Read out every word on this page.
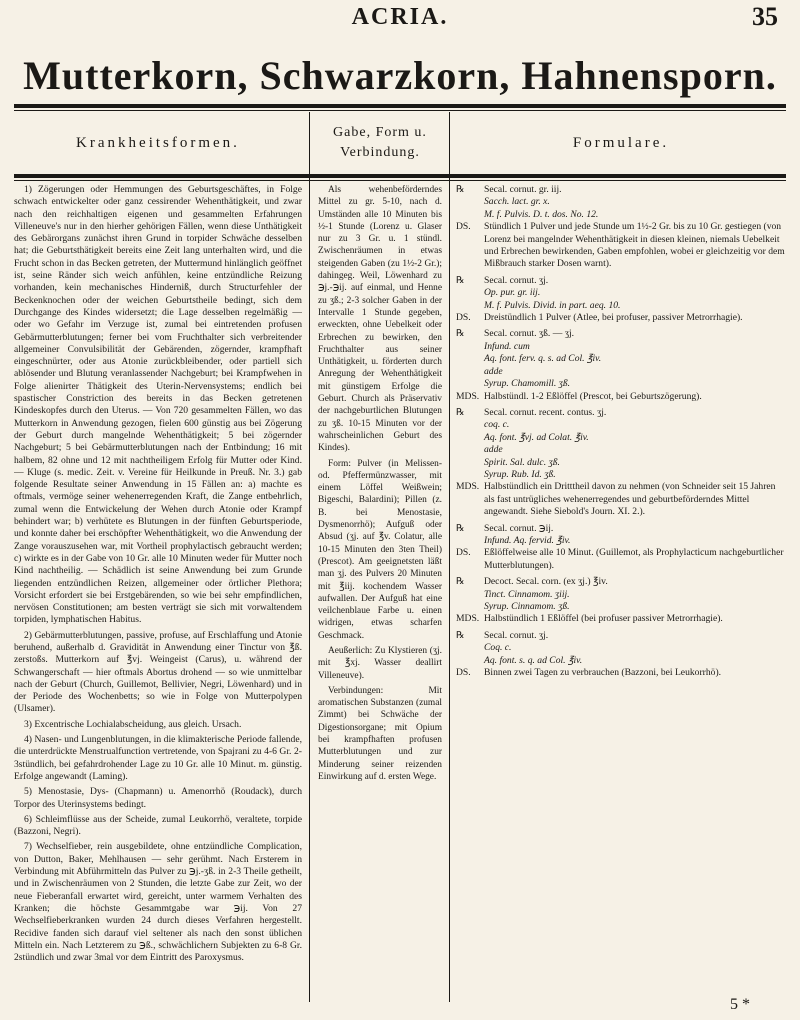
ACRIA.	35
Mutterkorn, Schwarzkorn, Hahnensporn.
Krankheitsformen.
Gabe, Form u. Verbindung.
Formulare.

1) Zögerungen oder Hemmungen des Geburtsgeschäftes, in Folge schwach entwickelter oder ganz cessirender Wehenthätigkeit, und zwar nach den reichhaltigen eigenen und gesammelten Erfahrungen Villeneuve's nur in den hierher gehörigen Fällen, wenn diese Unthätigkeit des Gebärorgans zunächst ihren Grund in torpider Schwäche desselben hat; die Geburtsthätigkeit bereits eine Zeit lang unterhalten wird, und die Frucht schon in das Becken getreten, der Muttermund hinlänglich geöffnet ist, seine Ränder sich weich anfühlen, keine entzündliche Reizung vorhanden, kein mechanisches Hinderniß, durch Structurfehler der Beckenknochen oder der weichen Geburtstheile bedingt, sich dem Durchgange des Kindes widersetzt; die Lage desselben regelmäßig — oder wo Gefahr im Verzuge ist, zumal bei eintretenden profusen Gebärmutterblutungen; ferner bei vom Fruchthalter sich verbreitender allgemeiner Convulsibilität der Gebärenden, zögernder, krampfhaft eingeschnürter, oder aus Atonie zurückbleibender, oder partiell sich ablösender und Blutung veranlassender Nachgeburt; bei Krampfwehen in Folge alienirter Thätigkeit des Uterin-Nervensystems; endlich bei spastischer Constriction des bereits in das Becken getretenen Kindeskopfes durch den Uterus. — Von 720 gesammelten Fällen, wo das Mutterkorn in Anwendung gezogen, fielen 600 günstig aus bei Zögerung der Geburt durch mangelnde Wehenthätigkeit; 5 bei zögernder Nachgeburt; 5 bei Gebärmutterblutungen nach der Entbindung; 16 mit halbem, 82 ohne und 12 mit nachtheiligem Erfolg für Mutter oder Kind. — Kluge (s. medic. Zeit. v. Vereine für Heilkunde in Preuß. Nr. 3.) gab folgende Resultate seiner Anwendung in 15 Fällen an: a) machte es oftmals, vermöge seiner wehenerregenden Kraft, die Zange entbehrlich, zumal wenn die Entwickelung der Wehen durch Atonie oder Krampf behindert war; b) verhütete es Blutungen in der fünften Geburtsperiode, und konnte daher bei erschöpfter Wehenthätigkeit, wo die Anwendung der Zange vorauszusehen war, mit Vortheil prophylactisch gebraucht werden; c) wirkte es in der Gabe von 10 Gr. alle 10 Minuten weder für Mutter noch Kind nachtheilig. — Schädlich ist seine Anwendung bei zum Grunde liegenden entzündlichen Reizen, allgemeiner oder örtlicher Plethora; Vorsicht erfordert sie bei Erstgebärenden, so wie bei sehr empfindlichen, nervösen Constitutionen; am besten verträgt sie sich mit vorwaltendem torpiden, lymphatischen Habitus.

2) Gebärmutterblutungen, passive, profuse, auf Erschlaffung und Atonie beruhend, außerhalb d. Gravidität in Anwendung einer Tinctur von ℥ß. zerstoßs. Mutterkorn auf ℥vj. Weingeist (Carus), u. während der Schwangerschaft — hier oftmals Abortus drohend — so wie unmittelbar nach der Geburt (Church, Guillemot, Bellivier, Negri, Löwenhard) und in der Periode des Wochenbetts; so wie in Folge von Mutterpolypen (Ulsamer).

3) Excentrische Lochialabscheidung, aus gleich. Ursach.

4) Nasen- und Lungenblutungen, in die klimakterische Periode fallende, die unterdrückte Menstrualfunction vertretende, von Spajrani zu 4-6 Gr. 2-3stündlich, bei gefahrdrohender Lage zu 10 Gr. alle 10 Minut. m. günstig. Erfolge angewandt (Laming).

5) Menostasie, Dys- (Chapmann) u. Amenorrhö (Roudack), durch Torpor des Uterinsystems bedingt.

6) Schleimflüsse aus der Scheide, zumal Leukorrhö, veraltete, torpide (Bazzoni, Negri).

7) Wechselfieber, rein ausgebildete, ohne entzündliche Complication, von Dutton, Baker, Mehlhausen — sehr gerühmt. Nach Ersterem in Verbindung mit Abführmitteln das Pulver zu ℈j.-ʒß. in 2-3 Theile getheilt, und in Zwischenräumen von 2 Stunden, die letzte Gabe zur Zeit, wo der neue Fieberanfall erwartet wird, gereicht, unter warmem Verhalten des Kranken; die höchste Gesammtgabe war ℈ij. Von 27 Wechselfieberkranken wurden 24 durch dieses Verfahren hergestellt. Recidive fanden sich darauf viel seltener als nach den sonst üblichen Mitteln ein. Nach Letzterem zu ℈ß., schwächlichern Subjekten zu 6-8 Gr. 2stündlich und zwar 3mal vor dem Eintritt des Paroxysmus.

Als wehenbeförderndes Mittel zu gr. 5-10, nach d. Umständen alle 10 Minuten bis ½-1 Stunde (Lorenz u. Glaser nur zu 3 Gr. u. 1 stündl. Zwischenräumen in etwas steigenden Gaben (zu 1½-2 Gr.); dahingeg. Weil, Löwenhard zu ℈j.-℈ij. auf einmal, und Henne zu ʒß.; 2-3 solcher Gaben in der Intervalle 1 Stunde gegeben, erweckten, ohne Uebelkeit oder Erbrechen zu bewirken, den Fruchthalter aus seiner Unthätigkeit, u. förderten durch Anregung der Wehenthätigkeit mit günstigem Erfolge die Geburt. Church als Präservativ der nachgeburtlichen Blutungen zu ʒß. 10-15 Minuten vor der wahrscheinlichen Geburt des Kindes).

Form: Pulver (in Melissen- od. Pfeffermünzwasser, mit einem Löffel Weißwein; Bigeschi, Balardini); Pillen (z. B. bei Menostasie, Dysmenorrhö); Aufguß oder Absud (ʒj. auf ℥v. Colatur, alle 10-15 Minuten den 3ten Theil) (Prescot). Am geeignetsten läßt man ʒj. des Pulvers 20 Minuten mit ℥iij. kochendem Wasser aufwallen. Der Aufguß hat eine veilchenblaue Farbe u. einen widrigen, etwas scharfen Geschmack.

Aeußerlich: Zu Klystieren (ʒj. mit ℥xj. Wasser deallirt Villeneuve).

Verbindungen: Mit aromatischen Substanzen (zumal Zimmt) bei Schwäche der Digestionsorgane; mit Opium bei krampfhaften profusen Mutterblutungen und zur Minderung seiner reizenden Einwirkung auf d. ersten Wege.

℞ Secal. cornut. gr. iij.
Sacch. lact. gr. x.
M. f. Pulvis. D. t. dos. No. 12.
DS. Stündlich 1 Pulver und jede Stunde um 1½-2 Gr. bis zu 10 Gr. gestiegen (von Lorenz bei mangelnder Wehenthätigkeit in diesen kleinen, niemals Uebelkeit und Erbrechen bewirkenden, Gaben empfohlen, wobei er gleichzeitig vor dem Mißbrauch starker Dosen warnt).
℞ Secal. cornut. ʒj.
Op. pur. gr. iij.
M. f. Pulvis. Divid. in part. aeq. 10.
DS. Dreistündlich 1 Pulver (Atlee, bei profuser, passiver Metrorrhagie).
℞ Secal. cornut. ʒß. — ʒj.
Infund. cum
Aq. font. ferv. q. s. ad Col. ℥iv.
adde
Syrup. Chamomill. ʒß.
MDS. Halbstündl. 1-2 Eßlöffel (Prescot, bei Geburtszögerung).
℞ Secal. cornut. recent. contus. ʒj.
coq. c.
Aq. font. ℥vj. ad Colat. ℥iv.
adde
Spirit. Sal. dulc. ʒß.
Syrup. Rub. Id. ʒß.
MDS. Halbstündlich ein Dritttheil davon zu nehmen (von Schneider seit 15 Jahren als fast untrügliches wehenerregendes und geburtbeförderndes Mittel angewandt. Siehe Siebold's Journ. XI. 2.).
℞ Secal. cornut. ℈ij.
Infund. Aq. fervid. ℥iv.
DS. Eßlöffelweise alle 10 Minut. (Guillemot, als Prophylacticum nachgeburtlicher Mutterblutungen).
℞ Decoct. Secal. corn. (ex ʒj.) ℥iv.
Tinct. Cinnamom. ʒiij.
Syrup. Cinnamom. ʒß.
MDS. Halbstündlich 1 Eßlöffel (bei profuser passiver Metrorrhagie).
℞ Secal. cornut. ʒj.
Coq. c.
Aq. font. s. q. ad Col. ℥iv.
DS. Binnen zwei Tagen zu verbrauchen (Bazzoni, bei Leukorrhö).
5 *
